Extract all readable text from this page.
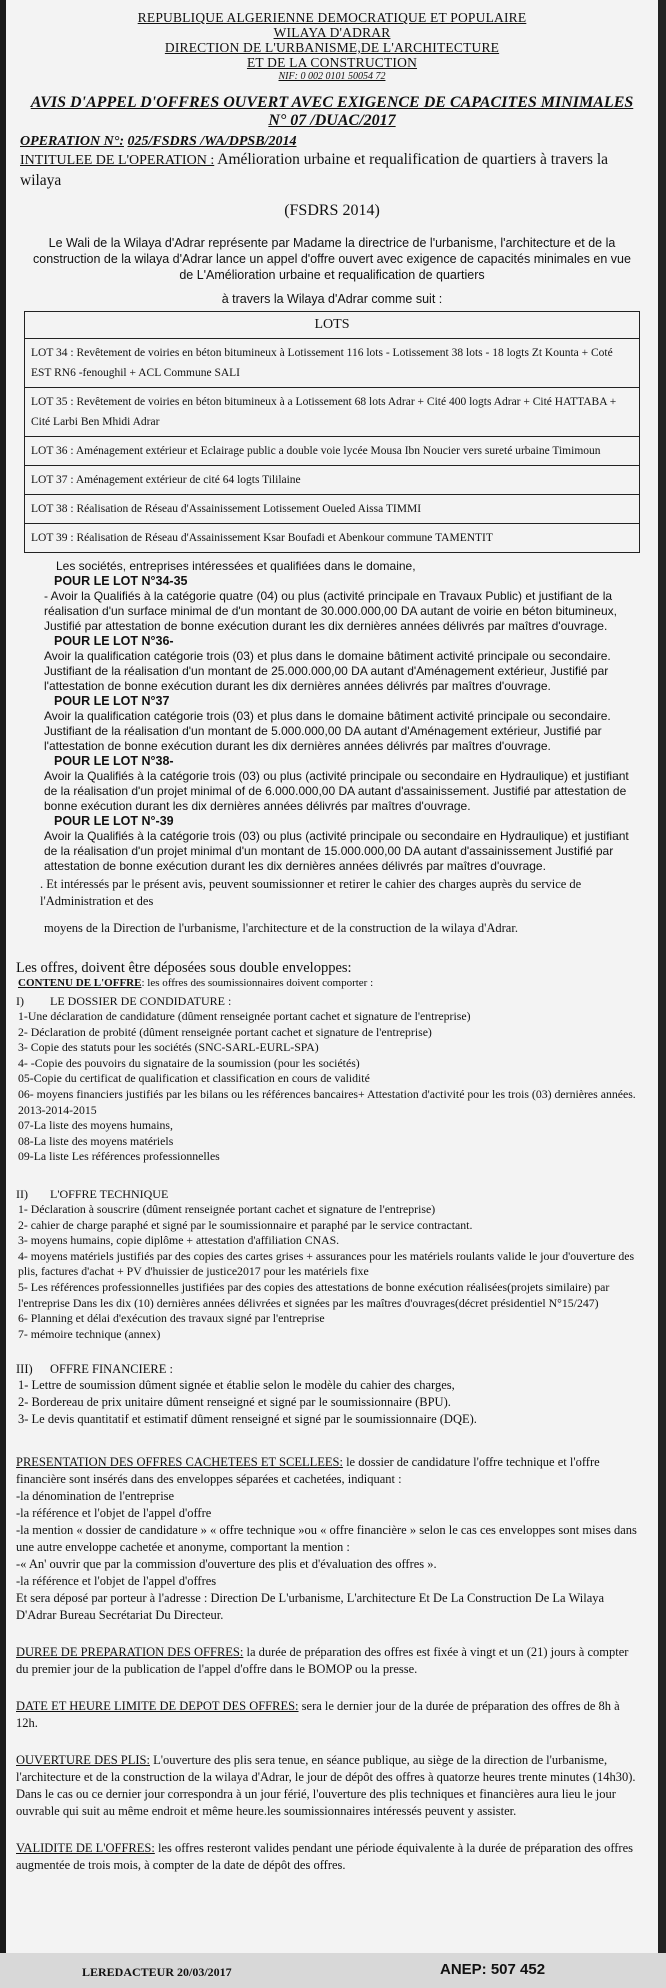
REPUBLIQUE ALGERIENNE DEMOCRATIQUE ET POPULAIRE
WILAYA D'ADRAR
DIRECTION DE L'URBANISME,DE L'ARCHITECTURE
ET DE LA CONSTRUCTION
NIF: 0 002 0101 50054 72
AVIS D'APPEL D'OFFRES OUVERT AVEC EXIGENCE DE CAPACITES MINIMALES
N° 07 /DUAC/2017
OPERATION N°: 025/FSDRS /WA/DPSB/2014
INTITULEE DE L'OPERATION : Amélioration urbaine et requalification de quartiers à travers la wilaya
(FSDRS 2014)
Le Wali de la Wilaya d'Adrar représente par Madame la directrice de l'urbanisme, l'architecture et de la construction de la wilaya d'Adrar lance un appel d'offre ouvert avec exigence de capacités minimales en vue de L'Amélioration urbaine et requalification de quartiers
à travers la Wilaya d'Adrar comme suit :
LOTS
LOT 34 : Revêtement de voiries en béton bitumineux à Lotissement 116 lots - Lotissement 38 lots - 18 logts Zt Kounta + Coté EST RN6 -fenoughil + ACL Commune SALI
LOT 35 : Revêtement de voiries en béton bitumineux à a Lotissement 68 lots Adrar + Cité 400 logts Adrar + Cité HATTABA + Cité Larbi Ben Mhidi Adrar
LOT 36 : Aménagement extérieur et Eclairage public a double voie lycée Mousa Ibn Noucier vers sureté urbaine Timimoun
LOT 37 : Aménagement extérieur de cité 64 logts Tililaine
LOT 38 : Réalisation de Réseau d'Assainissement Lotissement Oueled Aissa TIMMI
LOT 39 : Réalisation de Réseau d'Assainissement Ksar Boufadi et Abenkour commune TAMENTIT
Les sociétés, entreprises intéressées et qualifiées dans le domaine,
POUR LE LOT N°34-35
- Avoir la Qualifiés à la catégorie quatre (04) ou plus (activité principale en Travaux Public) et justifiant de la réalisation d'un surface minimal de d'un montant de 30.000.000,00 DA autant de voirie en béton bitumineux, Justifié par attestation de bonne exécution durant les dix dernières années délivrés par maîtres d'ouvrage.
POUR LE LOT N°36-
Avoir la qualification catégorie trois (03) et plus dans le domaine bâtiment activité principale ou secondaire. Justifiant de la réalisation d'un montant de 25.000.000,00 DA autant d'Aménagement extérieur, Justifié par l'attestation de bonne exécution durant les dix dernières années délivrés par maîtres d'ouvrage.
POUR LE LOT N°37
Avoir la qualification catégorie trois (03) et plus dans le domaine bâtiment activité principale ou secondaire. Justifiant de la réalisation d'un montant de 5.000.000,00 DA autant d'Aménagement extérieur, Justifié par l'attestation de bonne exécution durant les dix dernières années délivrés par maîtres d'ouvrage.
POUR LE LOT N°38-
Avoir la Qualifiés à la catégorie trois (03) ou plus (activité principale ou secondaire en Hydraulique) et justifiant de la réalisation d'un projet minimal of de 6.000.000,00 DA autant d'assainissement. Justifié par attestation de bonne exécution durant les dix dernières années délivrés par maîtres d'ouvrage.
POUR LE LOT N°-39
Avoir la Qualifiés à la catégorie trois (03) ou plus (activité principale ou secondaire en Hydraulique) et justifiant de la réalisation d'un projet minimal d'un montant de 15.000.000,00 DA autant d'assainissement Justifié par attestation de bonne exécution durant les dix dernières années délivrés par maîtres d'ouvrage.
. Et intéressés par le présent avis, peuvent soumissionner et retirer le cahier des charges auprès du service de l'Administration et des
moyens de la Direction de l'urbanisme, l'architecture et de la construction de la wilaya d'Adrar.
Les offres, doivent être déposées sous double enveloppes:
CONTENU DE L'OFFRE: les offres des soumissionnaires doivent comporter :
I) LE DOSSIER DE CONDIDATURE :
1-Une déclaration de candidature (dûment renseignée portant cachet et signature de l'entreprise)
2- Déclaration de probité (dûment renseignée portant cachet et signature de l'entreprise)
3- Copie des statuts pour les sociétés (SNC-SARL-EURL-SPA)
4- -Copie des pouvoirs du signataire de la soumission (pour les sociétés)
05-Copie du certificat de qualification et classification en cours de validité
06- moyens financiers justifiés par les bilans ou les références bancaires+ Attestation d'activité pour les trois (03) dernières années. 2013-2014-2015
07-La liste des moyens humains,
08-La liste des moyens matériels
09-La liste Les références professionnelles
II) L'OFFRE TECHNIQUE
1- Déclaration à souscrire (dûment renseignée portant cachet et signature de l'entreprise)
2- cahier de charge paraphé et signé par le soumissionnaire et paraphé par le service contractant.
3- moyens humains, copie diplôme + attestation d'affiliation CNAS.
4- moyens matériels justifiés par des copies des cartes grises + assurances pour les matériels roulants valide le jour d'ouverture des plis, factures d'achat + PV d'huissier de justice2017 pour les matériels fixe
5- Les références professionnelles justifiées par des copies des attestations de bonne exécution réalisées(projets similaire) par l'entreprise Dans les dix (10) dernières années délivrées et signées par les maîtres d'ouvrages(décret présidentiel N°15/247)
6- Planning et délai d'exécution des travaux signé par l'entreprise
7- mémoire technique (annex)
III) OFFRE FINANCIERE :
1- Lettre de soumission dûment signée et établie selon le modèle du cahier des charges,
2- Bordereau de prix unitaire dûment renseigné et signé par le soumissionnaire (BPU).
3- Le devis quantitatif et estimatif dûment renseigné et signé par le soumissionnaire (DQE).
PRESENTATION DES OFFRES CACHETEES ET SCELLEES: le dossier de candidature l'offre technique et l'offre financière sont insérés dans des enveloppes séparées et cachetées, indiquant :
-la dénomination de l'entreprise
-la référence et l'objet de l'appel d'offre
-la mention « dossier de candidature » « offre technique »ou « offre financière » selon le cas ces enveloppes sont mises dans une autre enveloppe cachetée et anonyme, comportant la mention :
-« An' ouvrir que par la commission d'ouverture des plis et d'évaluation des offres ».
-la référence et l'objet de l'appel d'offres
Et sera déposé par porteur à l'adresse : Direction De L'urbanisme, L'architecture Et De La Construction De La Wilaya D'Adrar Bureau Secrétariat Du Directeur.
DUREE DE PREPARATION DES OFFRES: la durée de préparation des offres est fixée à vingt et un (21) jours à compter du premier jour de la publication de l'appel d'offre dans le BOMOP ou la presse.
DATE ET HEURE LIMITE DE DEPOT DES OFFRES: sera le dernier jour de la durée de préparation des offres de 8h à 12h.
OUVERTURE DES PLIS: L'ouverture des plis sera tenue, en séance publique, au siège de la direction de l'urbanisme, l'architecture et de la construction de la wilaya d'Adrar, le jour de dépôt des offres à quatorze heures trente minutes (14h30). Dans le cas ou ce dernier jour correspondra à un jour férié, l'ouverture des plis techniques et financières aura lieu le jour ouvrable qui suit au même endroit et même heure.les soumissionnaires intéressés peuvent y assister.
VALIDITE DE L'OFFRES: les offres resteront valides pendant une période équivalente à la durée de préparation des offres augmentée de trois mois, à compter de la date de dépôt des offres.
LEREDACTEUR 20/03/2017	ANEP: 507 452
